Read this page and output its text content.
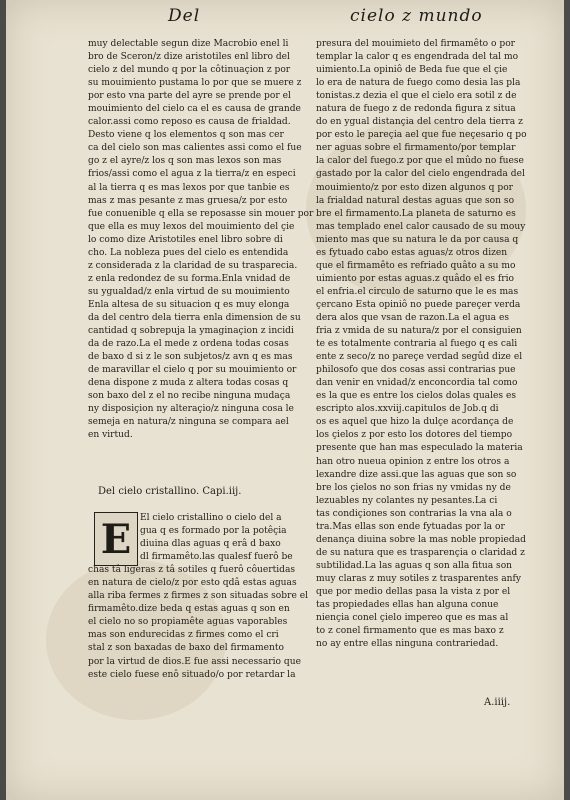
Del	cielo z mundo

muy delectable segun dize Macrobio enel li

bro de Sceron/z dize aristotiles enl libro del

cielo z del mundo q por la côtinuaçion z por

su mouimiento pustama lo por que se muere z

por esto vna parte del ayre se prende por el

mouimiento del cielo ca el es causa de grande

calor.assi como reposo es causa de frialdad.

Desto viene q los elementos q son mas cer

ca del cielo son mas calientes assi como el fue

go z el ayre/z los q son mas lexos son mas

frios/assi como el agua z la tierra/z en especi

al la tierra q es mas lexos por que tanbie es

mas z mas pesante z mas gruesa/z por esto

fue conuenible q ella se reposasse sin mouer por

que ella es muy lexos del mouimiento del çie

lo como dize Aristotiles enel libro sobre di

cho. La nobleza pues del cielo es entendida

z considerada z la claridad de su trasparecia.

z enla redondez de su forma.Enla vnidad de

su ygualdad/z enla virtud de su mouimiento

Enla altesa de su situacion q es muy elonga

da del centro dela tierra enla dimension de su

cantidad q sobrepuja la ymaginaçion z incidi

da de razo.La el mede z ordena todas cosas

de baxo d si z le son subjetos/z avn q es mas

de maravillar el cielo q por su mouimiento or

dena dispone z muda z altera todas cosas q

son baxo del z el no recibe ninguna mudaça

ny disposiçion ny alteraçio/z ninguna cosa le

semeja en natura/z ninguna se compara ael

en virtud.

Del cielo cristallino. Capi.iij.
E El cielo cristallino o cielo del a

gua q es formado por la potêçia

diuina dlas aguas q erâ d baxo

dl firmamêto.las qualesf fuerô be

chas tâ ligeras z tâ sotiles q fuerô côuertidas

en natura de cielo/z por esto qdâ estas aguas

alla riba fermes z firmes z son situadas sobre el

firmamêto.dize beda q estas aguas q son en

el cielo no so propiamête aguas vaporables

mas son endurecidas z firmes como el cri

stal z son baxadas de baxo del firmamento

por la virtud de dios.E fue assi necessario que

este cielo fuese enô situado/o por retardar la

presura del mouimieto del firmamêto o por

templar la calor q es engendrada del tal mo

uimiento.La opiniô de Beda fue que el çie

lo era de natura de fuego como desia las pla

tonistas.z dezia el que el cielo era sotil z de

natura de fuego z de redonda figura z situa

do en ygual distançia del centro dela tierra z

por esto le pareçia ael que fue neçesario q po

ner aguas sobre el firmamento/por templar

la calor del fuego.z por que el mûdo no fuese

gastado por la calor del cielo engendrada del

mouimiento/z por esto dizen algunos q por

la frialdad natural destas aguas que son so

bre el firmamento.La planeta de saturno es

mas templado enel calor causado de su mouy

miento mas que su natura le da por causa q

es fytuado cabo estas aguas/z otros dizen

que el firmamêto es refriado quâto a su mo

uimiento por estas aguas.z quâdo el es frio

el enfria.el circulo de saturno que le es mas

çercano Esta opiniô no puede pareçer verda

dera alos que vsan de razon.La el agua es

fria z vmida de su natura/z por el consiguien

te es totalmente contraria al fuego q es cali

ente z seco/z no pareçe verdad segûd dize el

philosofo que dos cosas assi contrarias pue

dan venir en vnidad/z enconcordia tal como

es la que es entre los cielos dolas quales es

escripto alos.xxviij.capitulos de Job.q di

os es aquel que hizo la dulçe acordança de

los çielos z por esto los dotores del tiempo

presente que han mas especulado la materia

han otro nueua opinion z entre los otros a

lexandre dize assi.que las aguas que son so

bre los çielos no son frias ny vmidas ny de

lezuables ny colantes ny pesantes.La ci

tas condiçiones son contrarias la vna ala o

tra.Mas ellas son ende fytuadas por la or

denança diuina sobre la mas noble propiedad

de su natura que es trasparençia o claridad z

subtilidad.La las aguas q son alla fitua son

muy claras z muy sotiles z trasparentes anfy

que por medio dellas pasa la vista z por el

tas propiedades ellas han alguna conue

niençia conel çielo impereo que es mas al

to z conel firmamento que es mas baxo z

no ay entre ellas ninguna contrariedad.

A.iiij.
